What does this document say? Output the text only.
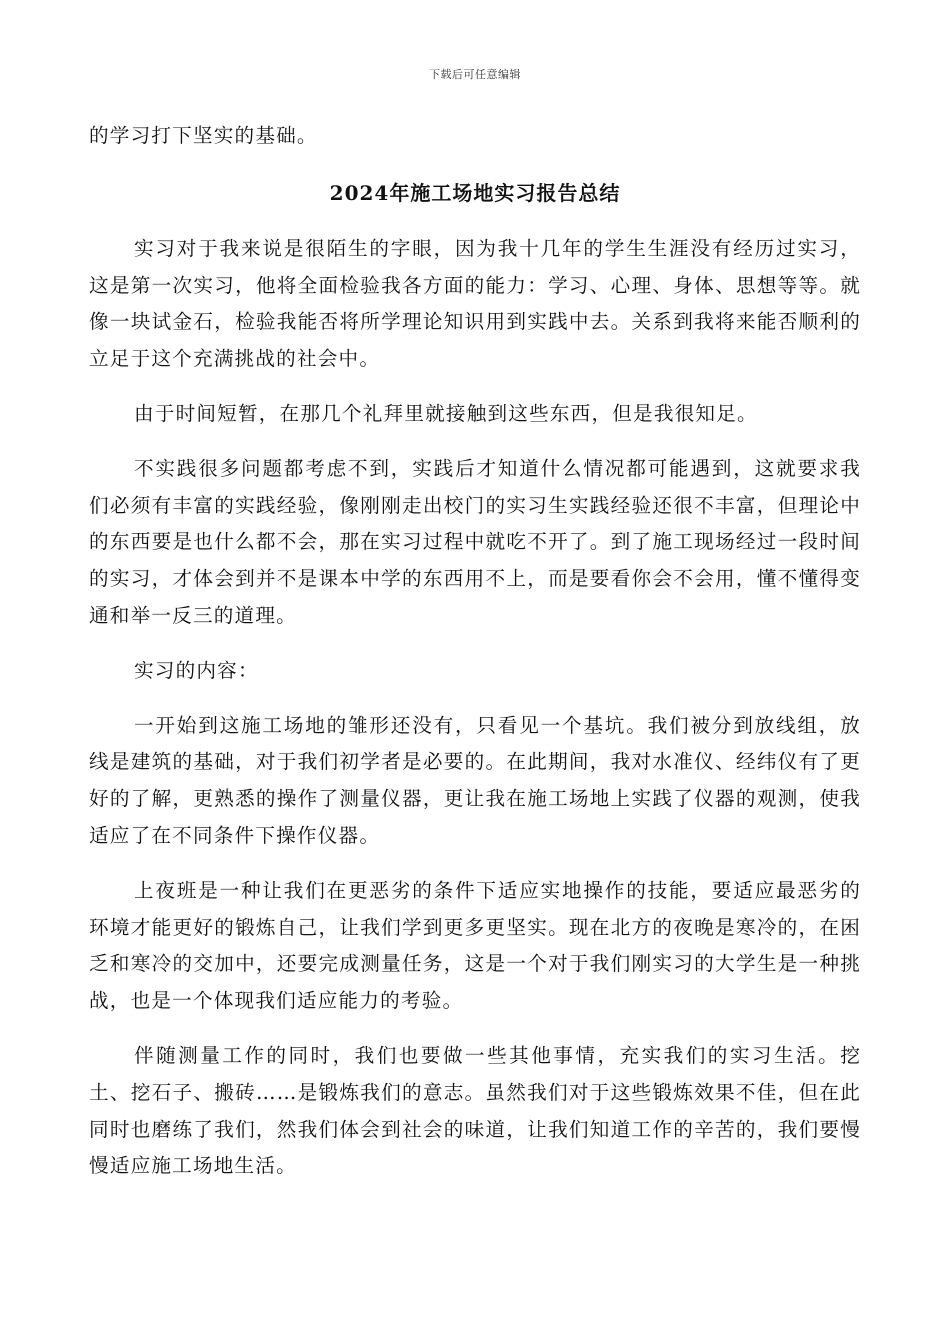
下载后可任意编辑

的学习打下坚实的基础。

2024年施工场地实习报告总结

实习对于我来说是很陌生的字眼，因为我十几年的学生生涯没有经历过实习，这是第一次实习，他将全面检验我各方面的能力：学习、心理、身体、思想等等。就像一块试金石，检验我能否将所学理论知识用到实践中去。关系到我将来能否顺利的立足于这个充满挑战的社会中。

由于时间短暂，在那几个礼拜里就接触到这些东西，但是我很知足。

不实践很多问题都考虑不到，实践后才知道什么情况都可能遇到，这就要求我们必须有丰富的实践经验，像刚刚走出校门的实习生实践经验还很不丰富，但理论中的东西要是也什么都不会，那在实习过程中就吃不开了。到了施工现场经过一段时间的实习，才体会到并不是课本中学的东西用不上，而是要看你会不会用，懂不懂得变通和举一反三的道理。

实习的内容：

一开始到这施工场地的雏形还没有，只看见一个基坑。我们被分到放线组，放线是建筑的基础，对于我们初学者是必要的。在此期间，我对水准仪、经纬仪有了更好的了解，更熟悉的操作了测量仪器，更让我在施工场地上实践了仪器的观测，使我适应了在不同条件下操作仪器。

上夜班是一种让我们在更恶劣的条件下适应实地操作的技能，要适应最恶劣的环境才能更好的锻炼自己，让我们学到更多更坚实。现在北方的夜晚是寒冷的，在困乏和寒冷的交加中，还要完成测量任务，这是一个对于我们刚实习的大学生是一种挑战，也是一个体现我们适应能力的考验。

伴随测量工作的同时，我们也要做一些其他事情，充实我们的实习生活。挖土、挖石子、搬砖……是锻炼我们的意志。虽然我们对于这些锻炼效果不佳，但在此同时也磨练了我们，然我们体会到社会的味道，让我们知道工作的辛苦的，我们要慢慢适应施工场地生活。
